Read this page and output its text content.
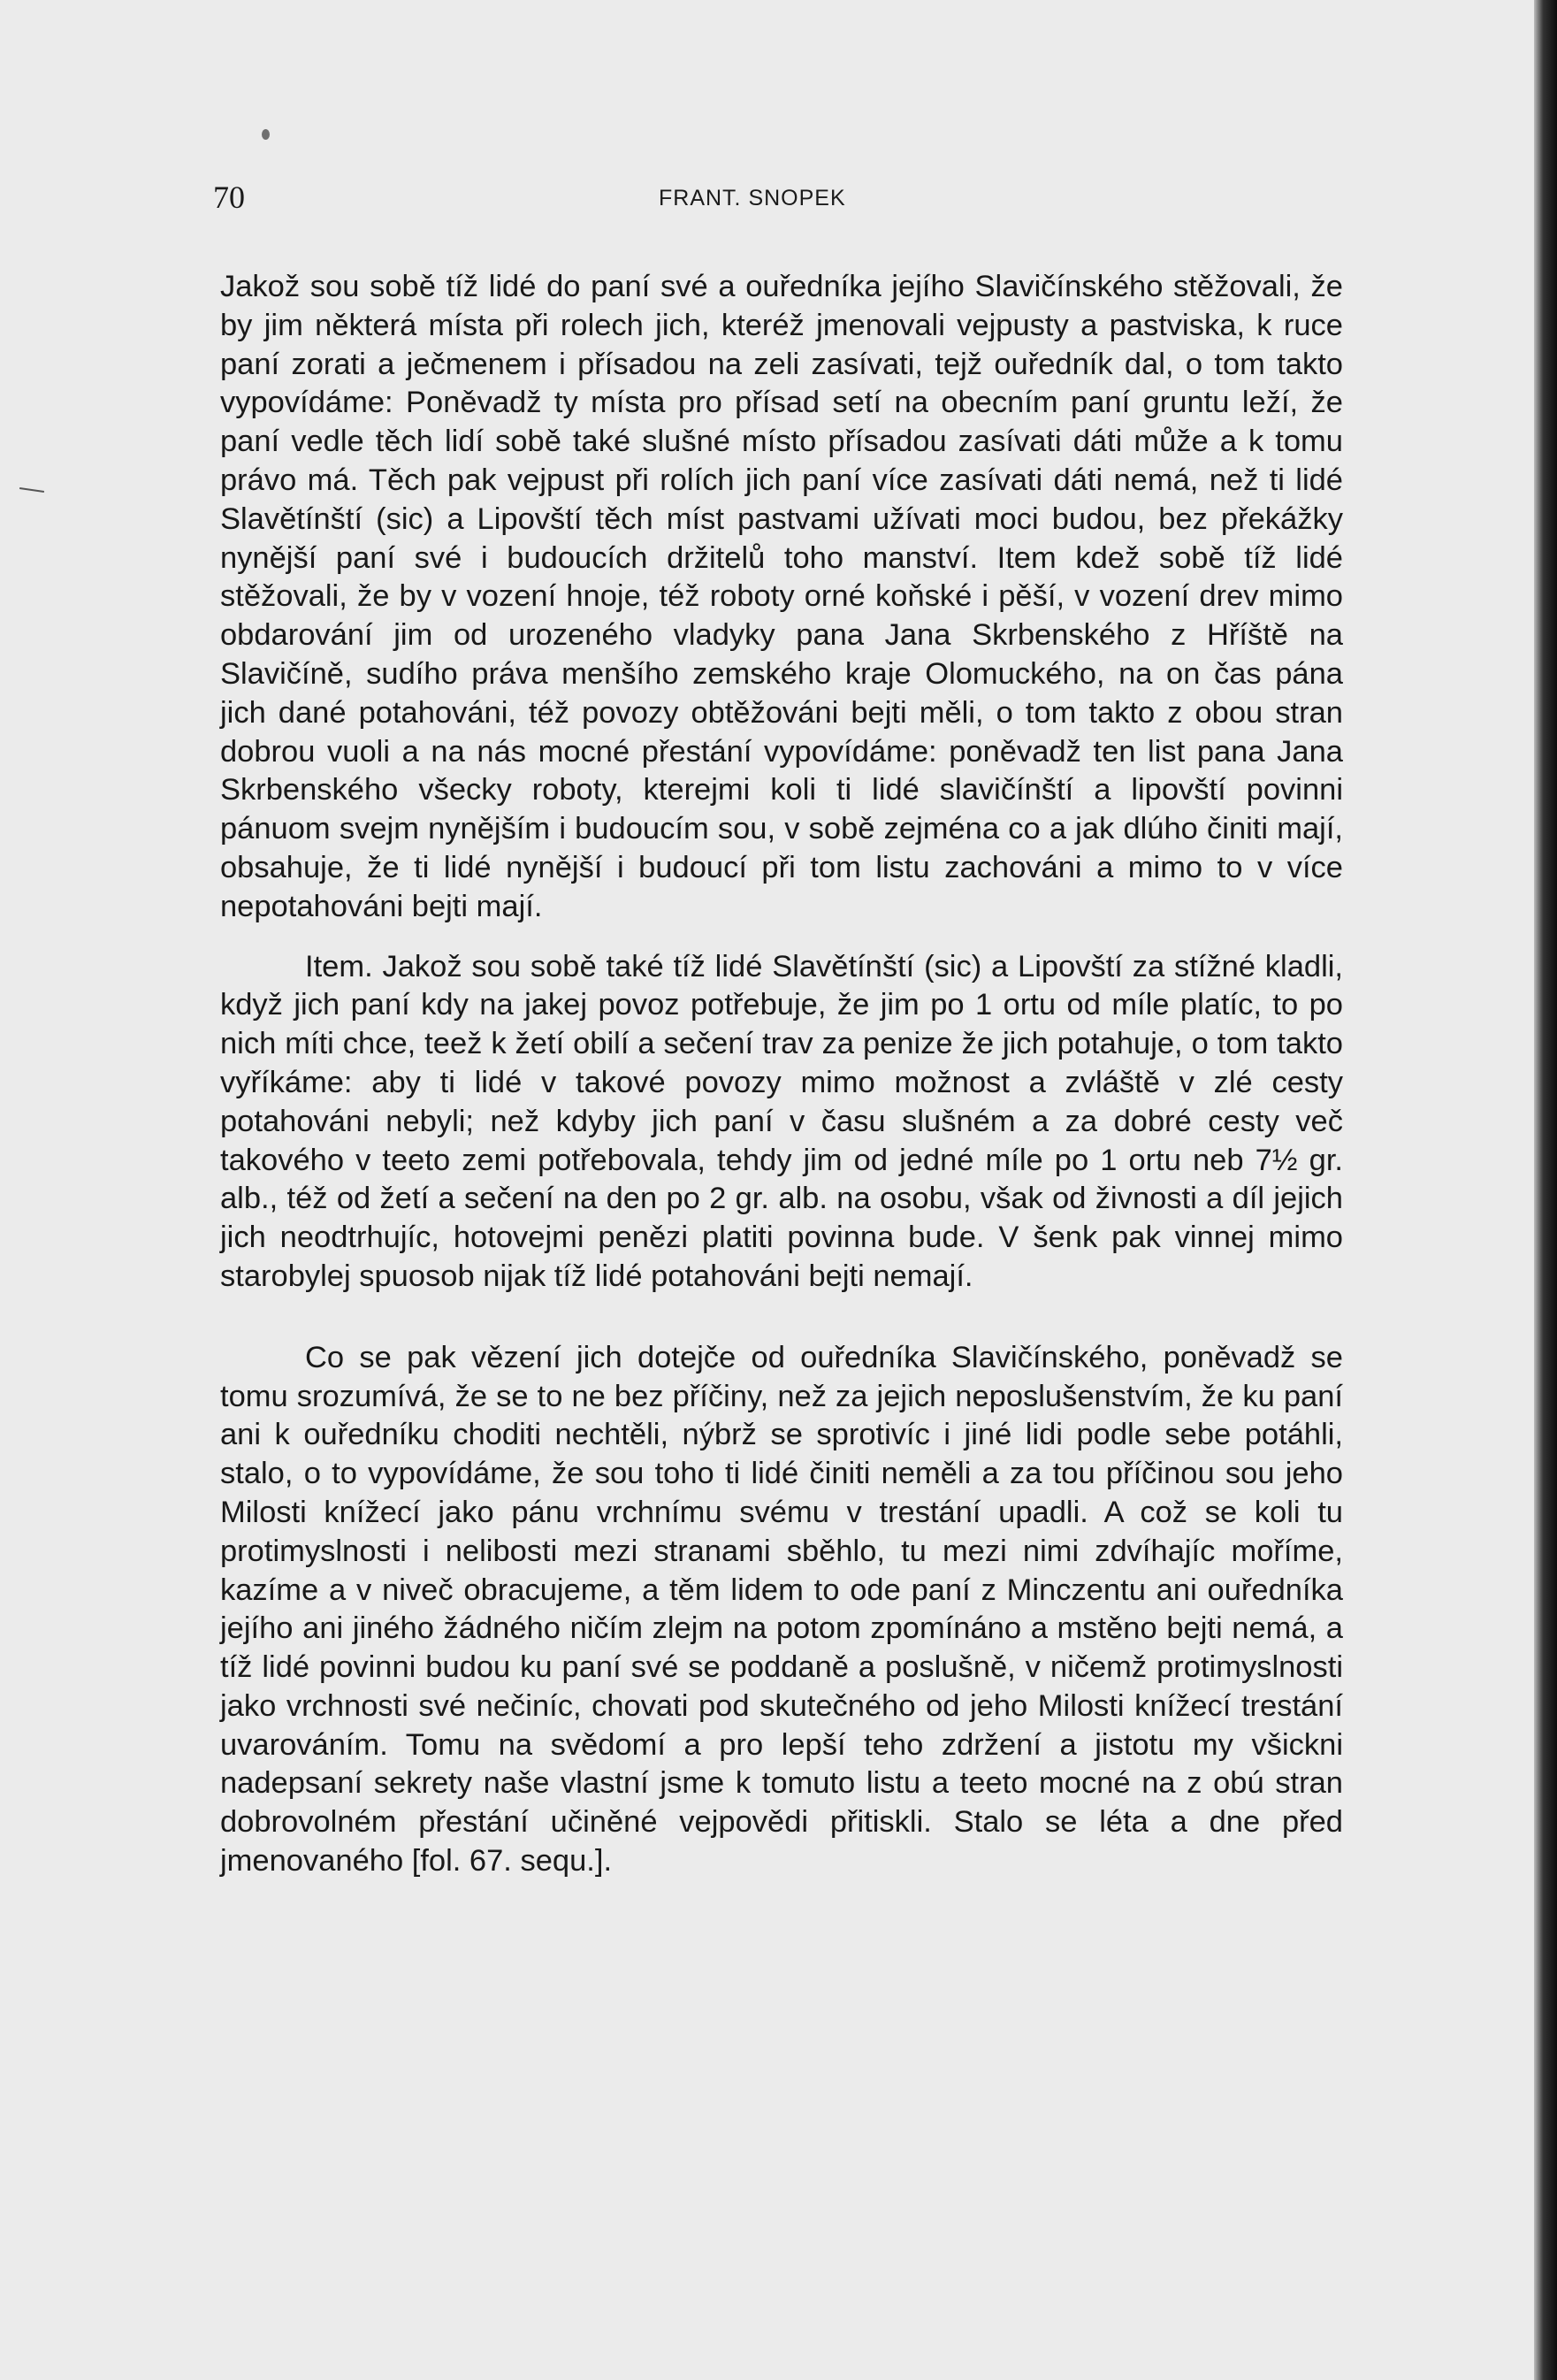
70	FRANT. SNOPEK

Jakož sou sobě tíž lidé do paní své a ouředníka jejího Slavičínského stěžovali, že by jim některá místa při rolech jich, kteréž jmenovali vejpusty a pastviska, k ruce paní zorati a ječmenem i přísadou na zeli zasívati, tejž ouředník dal, o tom takto vypovídáme: Poněvadž ty místa pro přísad setí na obecním paní gruntu leží, že paní vedle těch lidí sobě také slušné místo přísadou zasívati dáti může a k tomu právo má. Těch pak vejpust při rolích jich paní více zasívati dáti nemá, než ti lidé Slavětínští (sic) a Lipovští těch míst pastvami užívati moci budou, bez překážky nynější paní své i budoucích držitelů toho manství. Item kdež sobě tíž lidé stěžovali, že by v vození hnoje, též roboty orné koňské i pěší, v vození drev mimo obdarování jim od urozeného vladyky pana Jana Skrbenského z Hříště na Slavičíně, sudího práva menšího zemského kraje Olomuckého, na on čas pána jich dané potahováni, též povozy obtěžováni bejti měli, o tom takto z obou stran dobrou vuoli a na nás mocné přestání vypovídáme: poněvadž ten list pana Jana Skrbenského všecky roboty, kterejmi koli ti lidé slavičínští a lipovští povinni pánuom svejm nynějším i budoucím sou, v sobě zejména co a jak dlúho činiti mají, obsahuje, že ti lidé nynější i budoucí při tom listu zachováni a mimo to v více nepotahováni bejti mají.

Item. Jakož sou sobě také tíž lidé Slavětínští (sic) a Lipovští za stížné kladli, když jich paní kdy na jakej povoz potřebuje, že jim po 1 ortu od míle platíc, to po nich míti chce, teež k žetí obilí a sečení trav za penize že jich potahuje, o tom takto vyříkáme: aby ti lidé v takové povozy mimo možnost a zvláště v zlé cesty potahováni nebyli; než kdyby jich paní v času slušném a za dobré cesty več takového v teeto zemi potřebovala, tehdy jim od jedné míle po 1 ortu neb 7½ gr. alb., též od žetí a sečení na den po 2 gr. alb. na osobu, však od živnosti a díl jejich jich neodtrhujíc, hotovejmi penězi platiti povinna bude. V šenk pak vinnej mimo starobylej spuosob nijak tíž lidé potahováni bejti nemají.

Co se pak vězení jich dotejče od ouředníka Slavičínského, poněvadž se tomu srozumívá, že se to ne bez příčiny, než za jejich neposlušenstvím, že ku paní ani k ouředníku choditi nechtěli, nýbrž se sprotivíc i jiné lidi podle sebe potáhli, stalo, o to vypovídáme, že sou toho ti lidé činiti neměli a za tou příčinou sou jeho Milosti knížecí jako pánu vrchnímu svému v trestání upadli. A což se koli tu protimyslnosti i nelibosti mezi stranami sběhlo, tu mezi nimi zdvíhajíc moříme, kazíme a v niveč obracujeme, a těm lidem to ode paní z Minczentu ani ouředníka jejího ani jiného žádného ničím zlejm na potom zpomínáno a mstěno bejti nemá, a tíž lidé povinni budou ku paní své se poddaně a poslušně, v ničemž protimyslnosti jako vrchnosti své nečiníc, chovati pod skutečného od jeho Milosti knížecí trestání uvarováním. Tomu na svědomí a pro lepší teho zdržení a jistotu my všickni nadepsaní sekrety naše vlastní jsme k tomuto listu a teeto mocné na z obú stran dobrovolném přestání učiněné vejpovědi přitiskli. Stalo se léta a dne před jmenovaného [fol. 67. sequ.].
